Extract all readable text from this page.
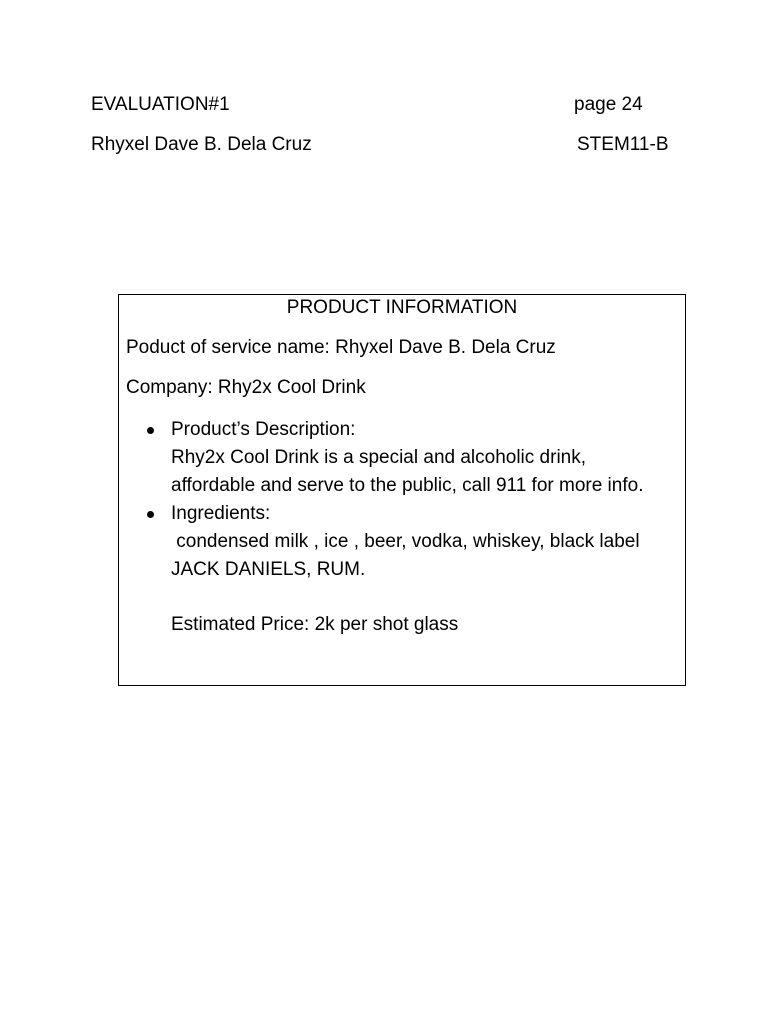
EVALUATION#1	page 24
Rhyxel Dave B. Dela Cruz	STEM11-B
PRODUCT INFORMATION
Poduct of service name: Rhyxel Dave B. Dela Cruz
Company: Rhy2x Cool Drink
Product’s Description:
Rhy2x Cool Drink is a special and alcoholic drink,
affordable and serve to the public, call 911 for more info.
Ingredients:
condensed milk , ice , beer, vodka, whiskey, black label
JACK DANIELS, RUM.
Estimated Price: 2k per shot glass
